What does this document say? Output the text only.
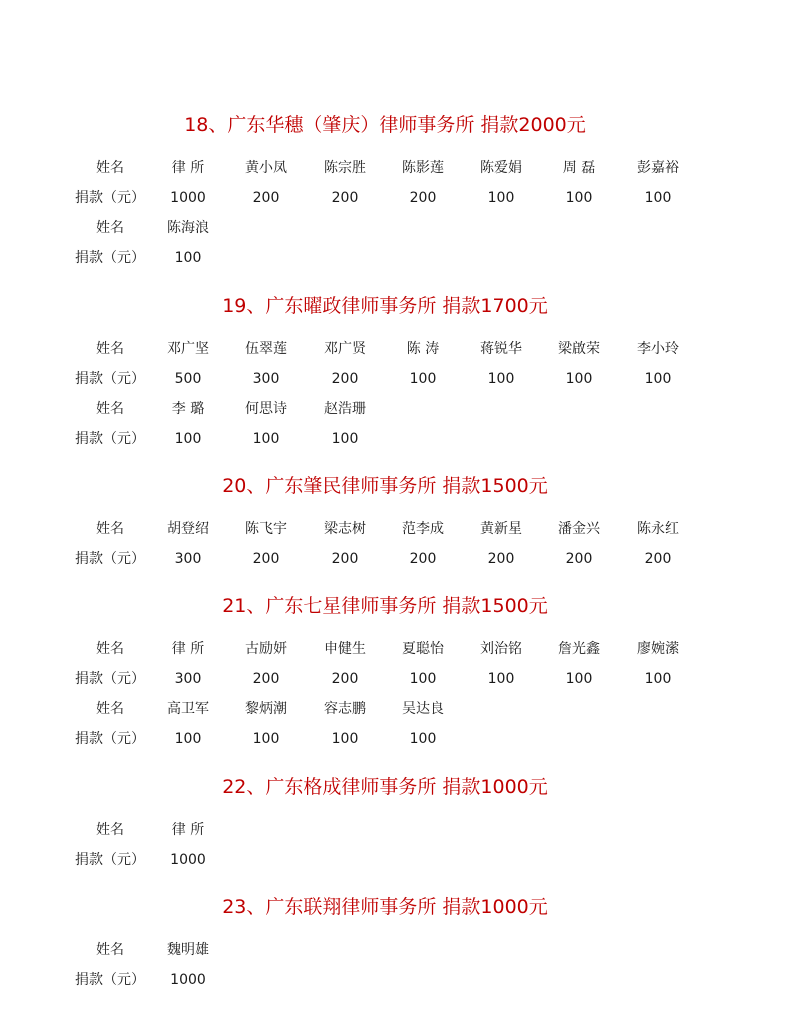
18、广东华穗（肇庆）律师事务所 捐款2000元
姓名	律 所	黄小凤	陈宗胜	陈影莲	陈爱娟	周 磊	彭嘉裕
捐款（元）	1000	200	200	200	100	100	100
姓名	陈海浪
捐款（元）	100
19、广东曜政律师事务所 捐款1700元
姓名	邓广坚	伍翠莲	邓广贤	陈 涛	蒋锐华	梁啟荣	李小玲
捐款（元）	500	300	200	100	100	100	100
姓名	李 璐	何思诗	赵浩珊
捐款（元）	100	100	100
20、广东肇民律师事务所 捐款1500元
姓名	胡登绍	陈飞宇	梁志树	范李成	黄新星	潘金兴	陈永红
捐款（元）	300	200	200	200	200	200	200
21、广东七星律师事务所 捐款1500元
姓名	律 所	古励妍	申健生	夏聪怡	刘治铭	詹光鑫	廖婉潆
捐款（元）	300	200	200	100	100	100	100
姓名	高卫军	黎炳潮	容志鹏	吴达良
捐款（元）	100	100	100	100
22、广东格成律师事务所 捐款1000元
姓名	律 所
捐款（元）	1000
23、广东联翔律师事务所 捐款1000元
姓名	魏明雄
捐款（元）	1000
